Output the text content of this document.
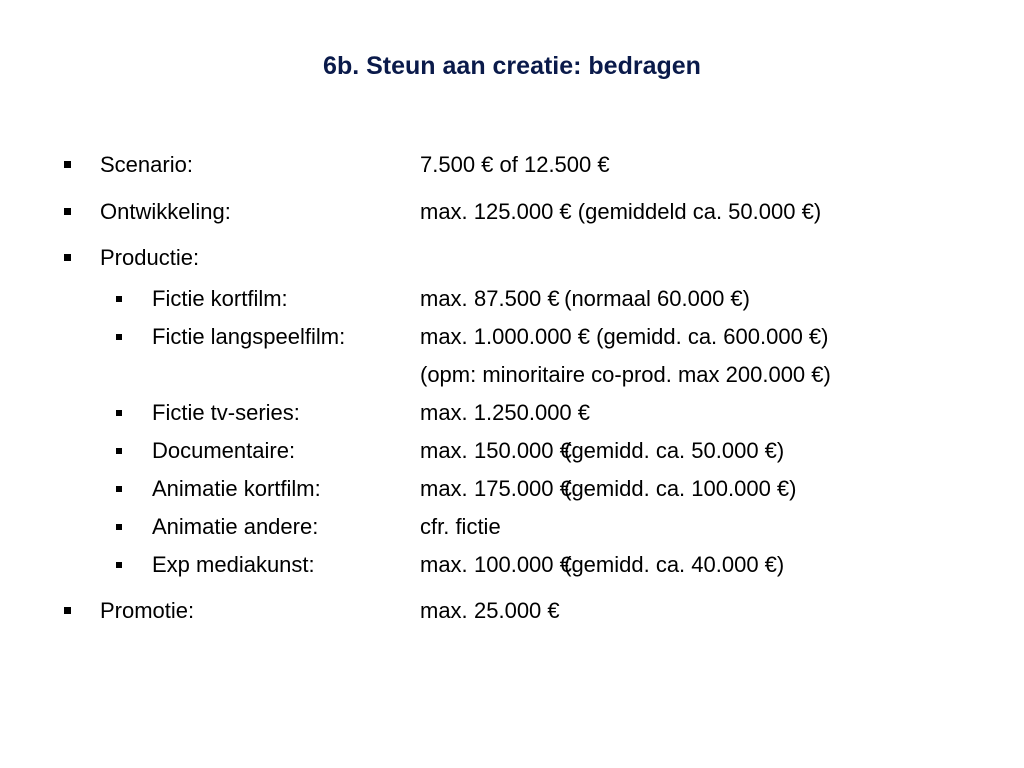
6b. Steun aan creatie: bedragen
Scenario:	7.500 € of 12.500 €
Ontwikkeling:	max. 125.000 € (gemiddeld ca. 50.000 €)
Productie:
Fictie kortfilm:	max. 87.500 € (normaal 60.000 €)
Fictie langspeelfilm:	max. 1.000.000 € (gemidd. ca. 600.000 €)
(opm: minoritaire co-prod. max 200.000 €)
Fictie tv-series:	max. 1.250.000 €
Documentaire:	max. 150.000 € (gemidd. ca. 50.000 €)
Animatie kortfilm:	max. 175.000 € (gemidd. ca. 100.000 €)
Animatie andere:	cfr. fictie
Exp mediakunst:	max. 100.000 € (gemidd. ca. 40.000 €)
Promotie:	max. 25.000 €
